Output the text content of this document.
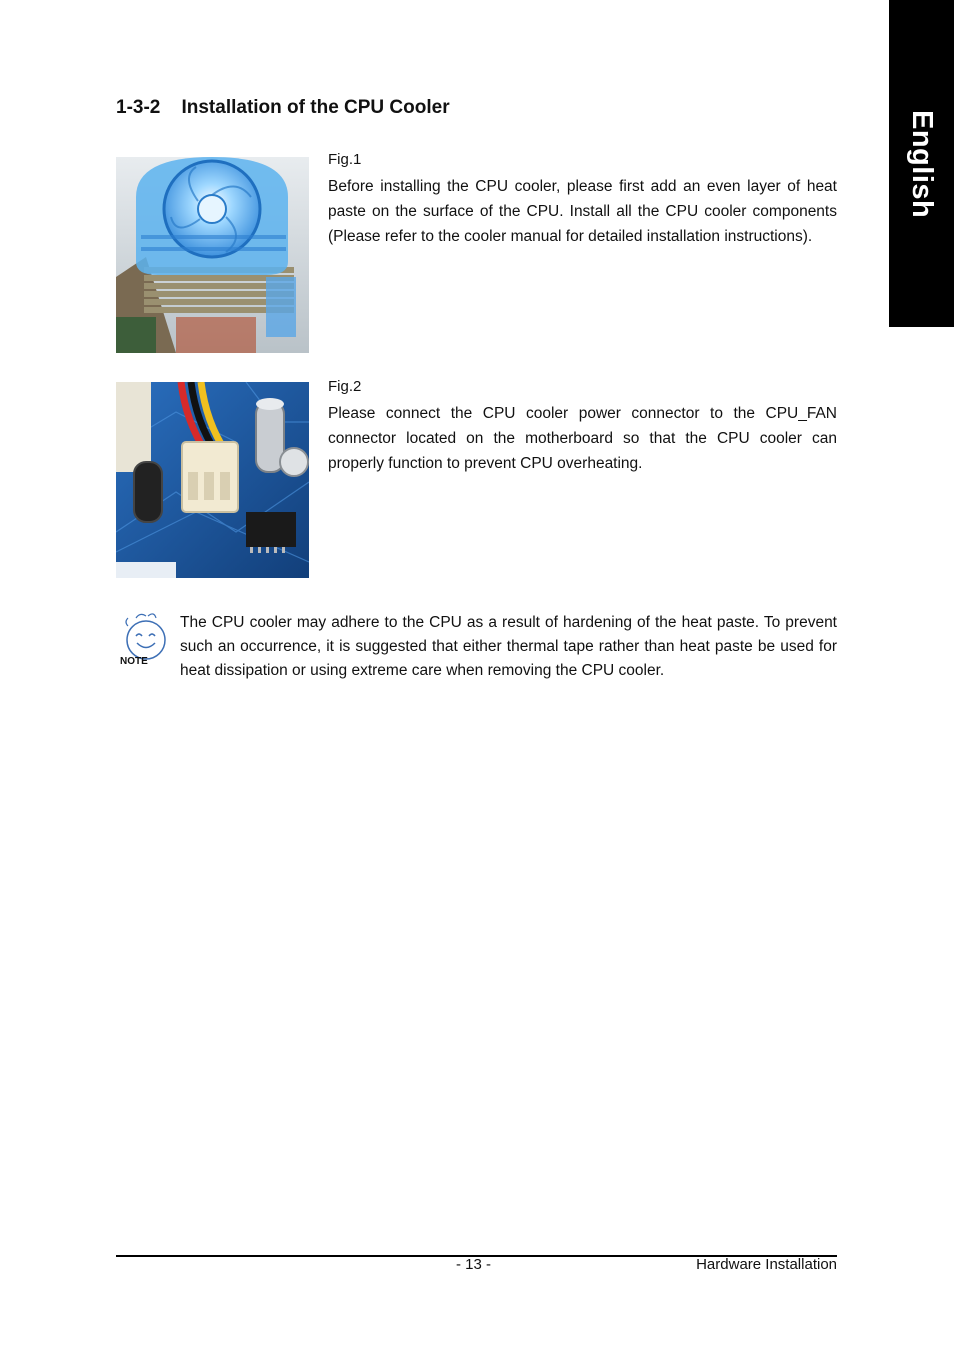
English
1-3-2 Installation of the CPU Cooler
Fig.1
Before installing the CPU cooler, please first add an even layer of heat paste on the surface of the CPU. Install all the CPU cooler components (Please refer to the cooler manual for detailed installation instructions).
Fig.2
Please connect the CPU cooler power connector to the CPU_FAN connector located on the motherboard so that the CPU cooler can properly function to prevent CPU overheating.
NOTE
The CPU cooler may adhere to the CPU as a result of hardening of the heat paste. To prevent such an occurrence, it is suggested that either thermal tape rather than heat paste be used for heat dissipation or using extreme care when removing the CPU cooler.
- 13 -	Hardware Installation
